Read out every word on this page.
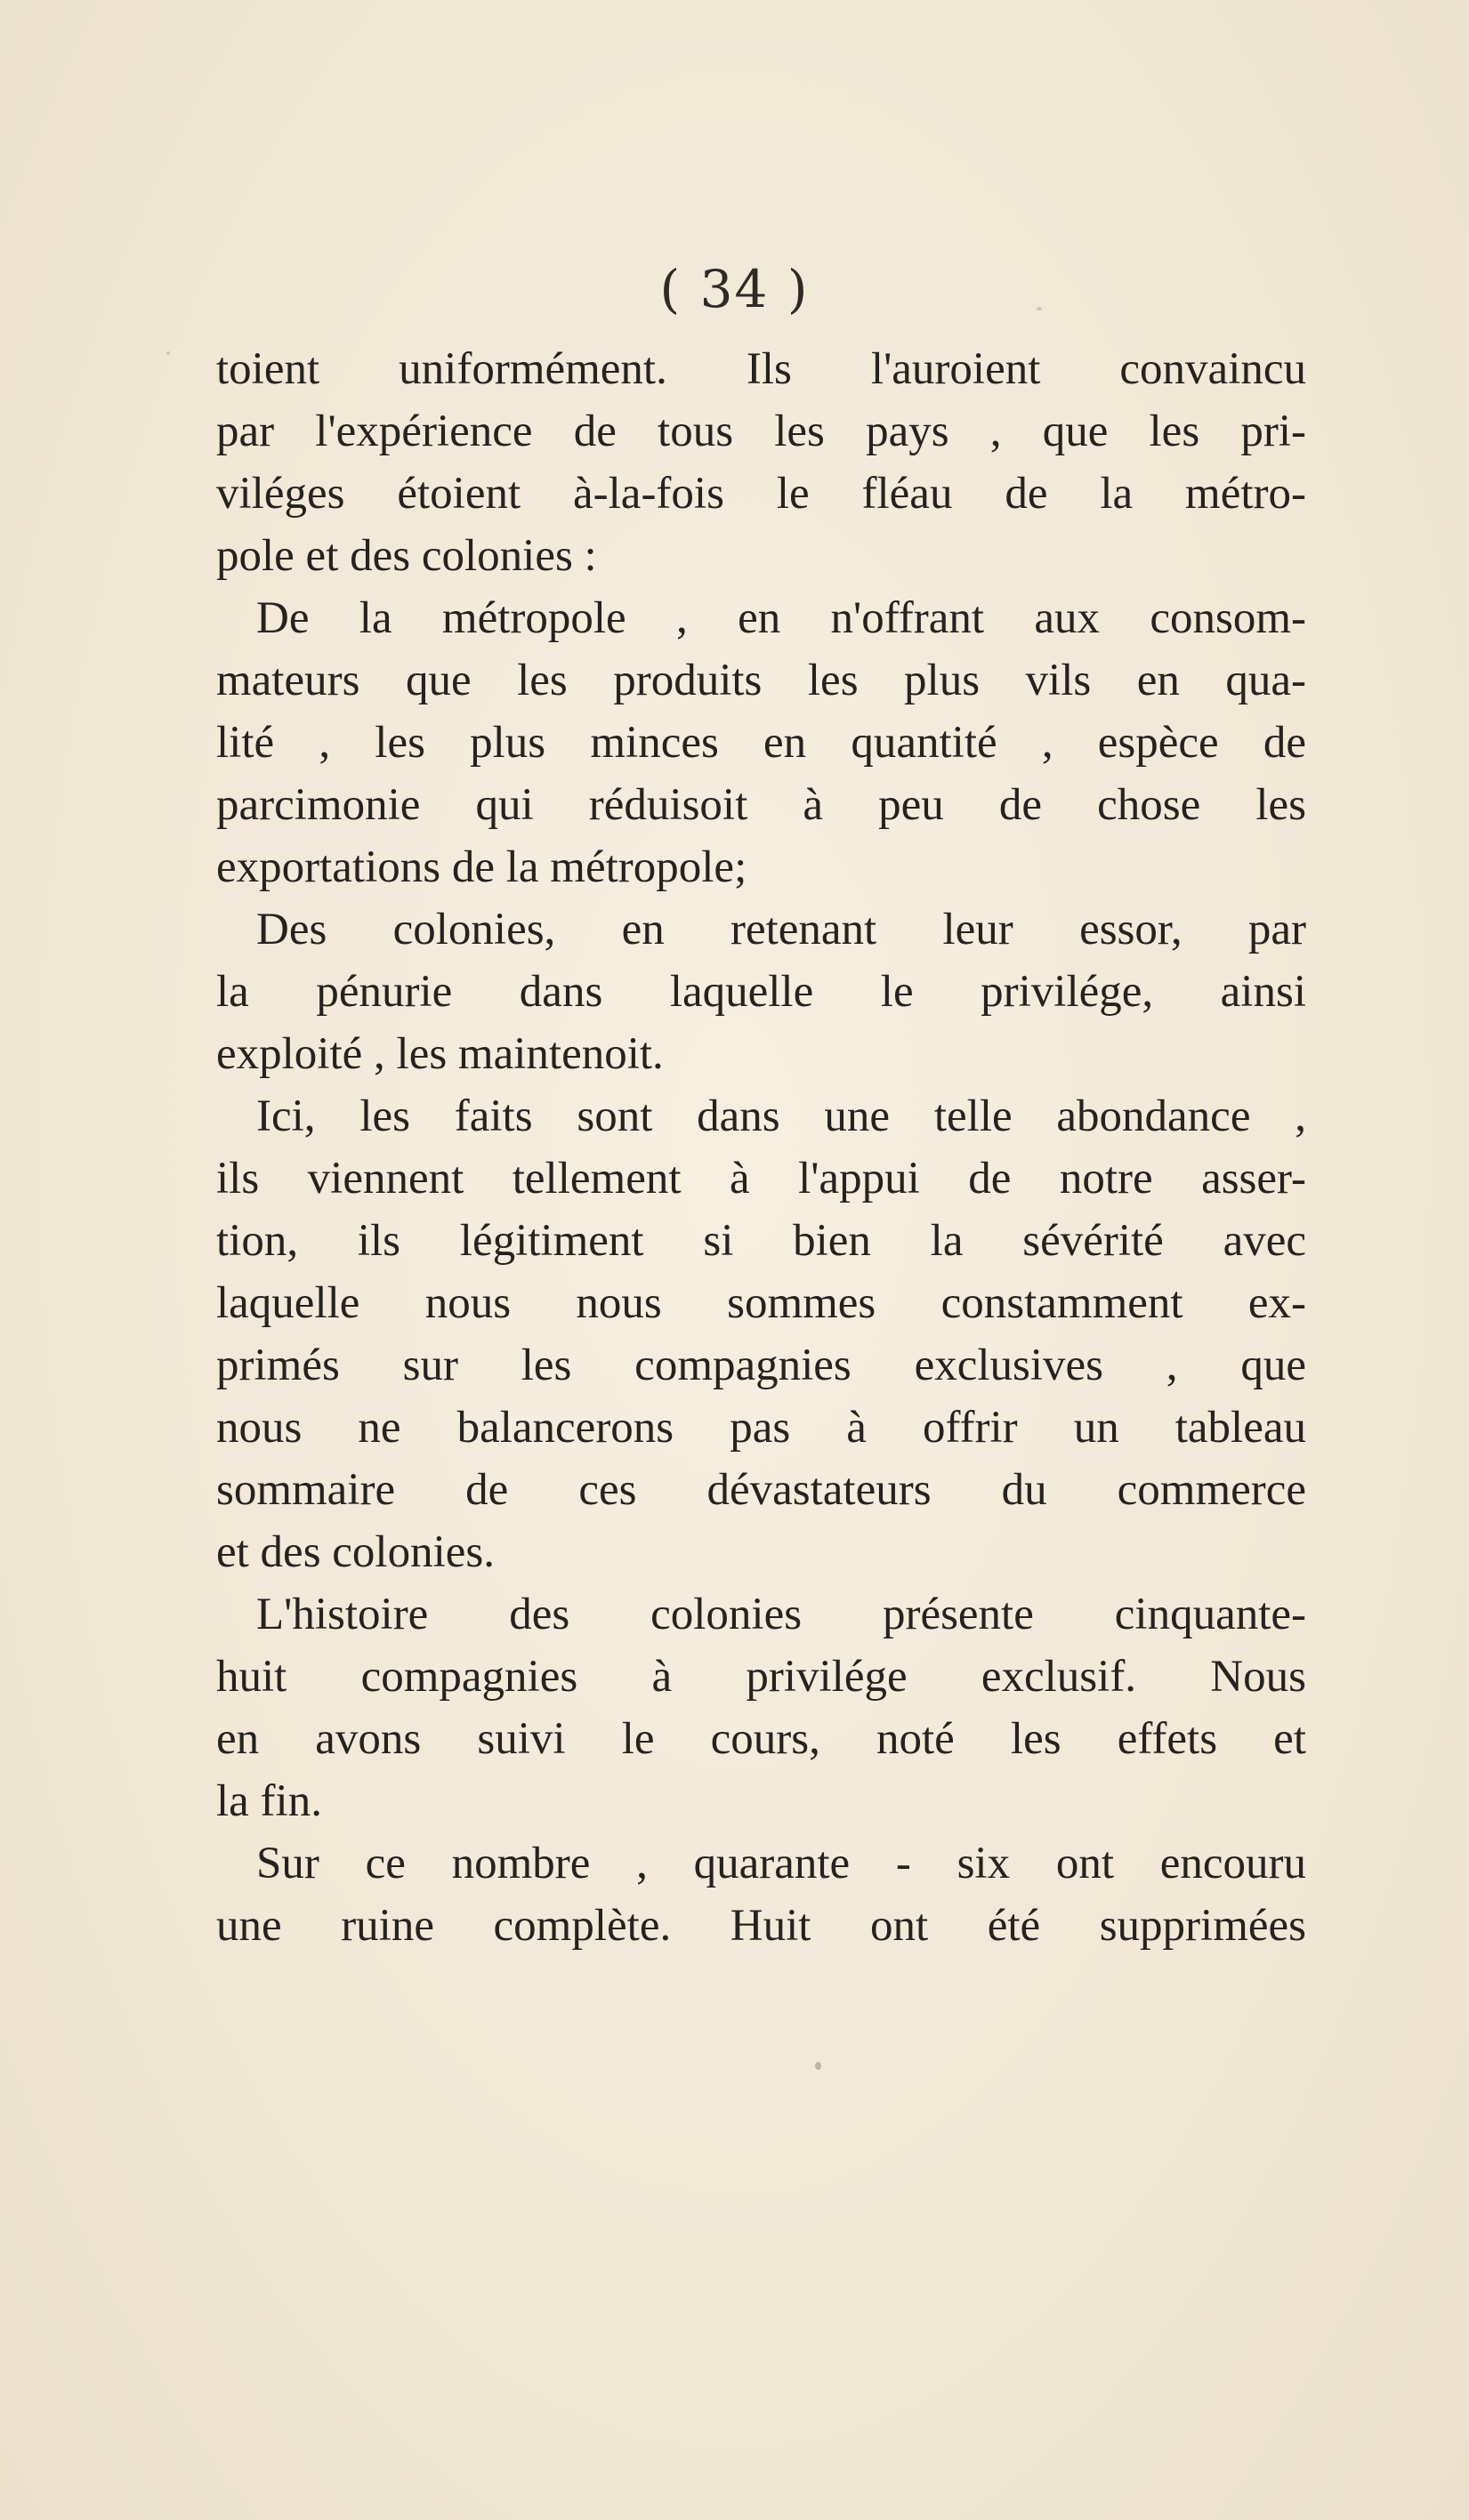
( 34 )
toient uniformément. Ils l'auroient convaincu
par l'expérience de tous les pays , que les pri-
viléges étoient à-la-fois le fléau de la métro-
pole et des colonies :
De la métropole , en n'offrant aux consom-
mateurs que les produits les plus vils en qua-
lité , les plus minces en quantité , espèce de
parcimonie qui réduisoit à peu de chose les
exportations de la métropole;
Des colonies, en retenant leur essor, par
la pénurie dans laquelle le privilége, ainsi
exploité , les maintenoit.
Ici, les faits sont dans une telle abondance ,
ils viennent tellement à l'appui de notre asser-
tion, ils légitiment si bien la sévérité avec
laquelle nous nous sommes constamment ex-
primés sur les compagnies exclusives , que
nous ne balancerons pas à offrir un tableau
sommaire de ces dévastateurs du commerce
et des colonies.
L'histoire des colonies présente cinquante-
huit compagnies à privilége exclusif. Nous
en avons suivi le cours, noté les effets et
la fin.
Sur ce nombre , quarante - six ont encouru
une ruine complète. Huit ont été supprimées
